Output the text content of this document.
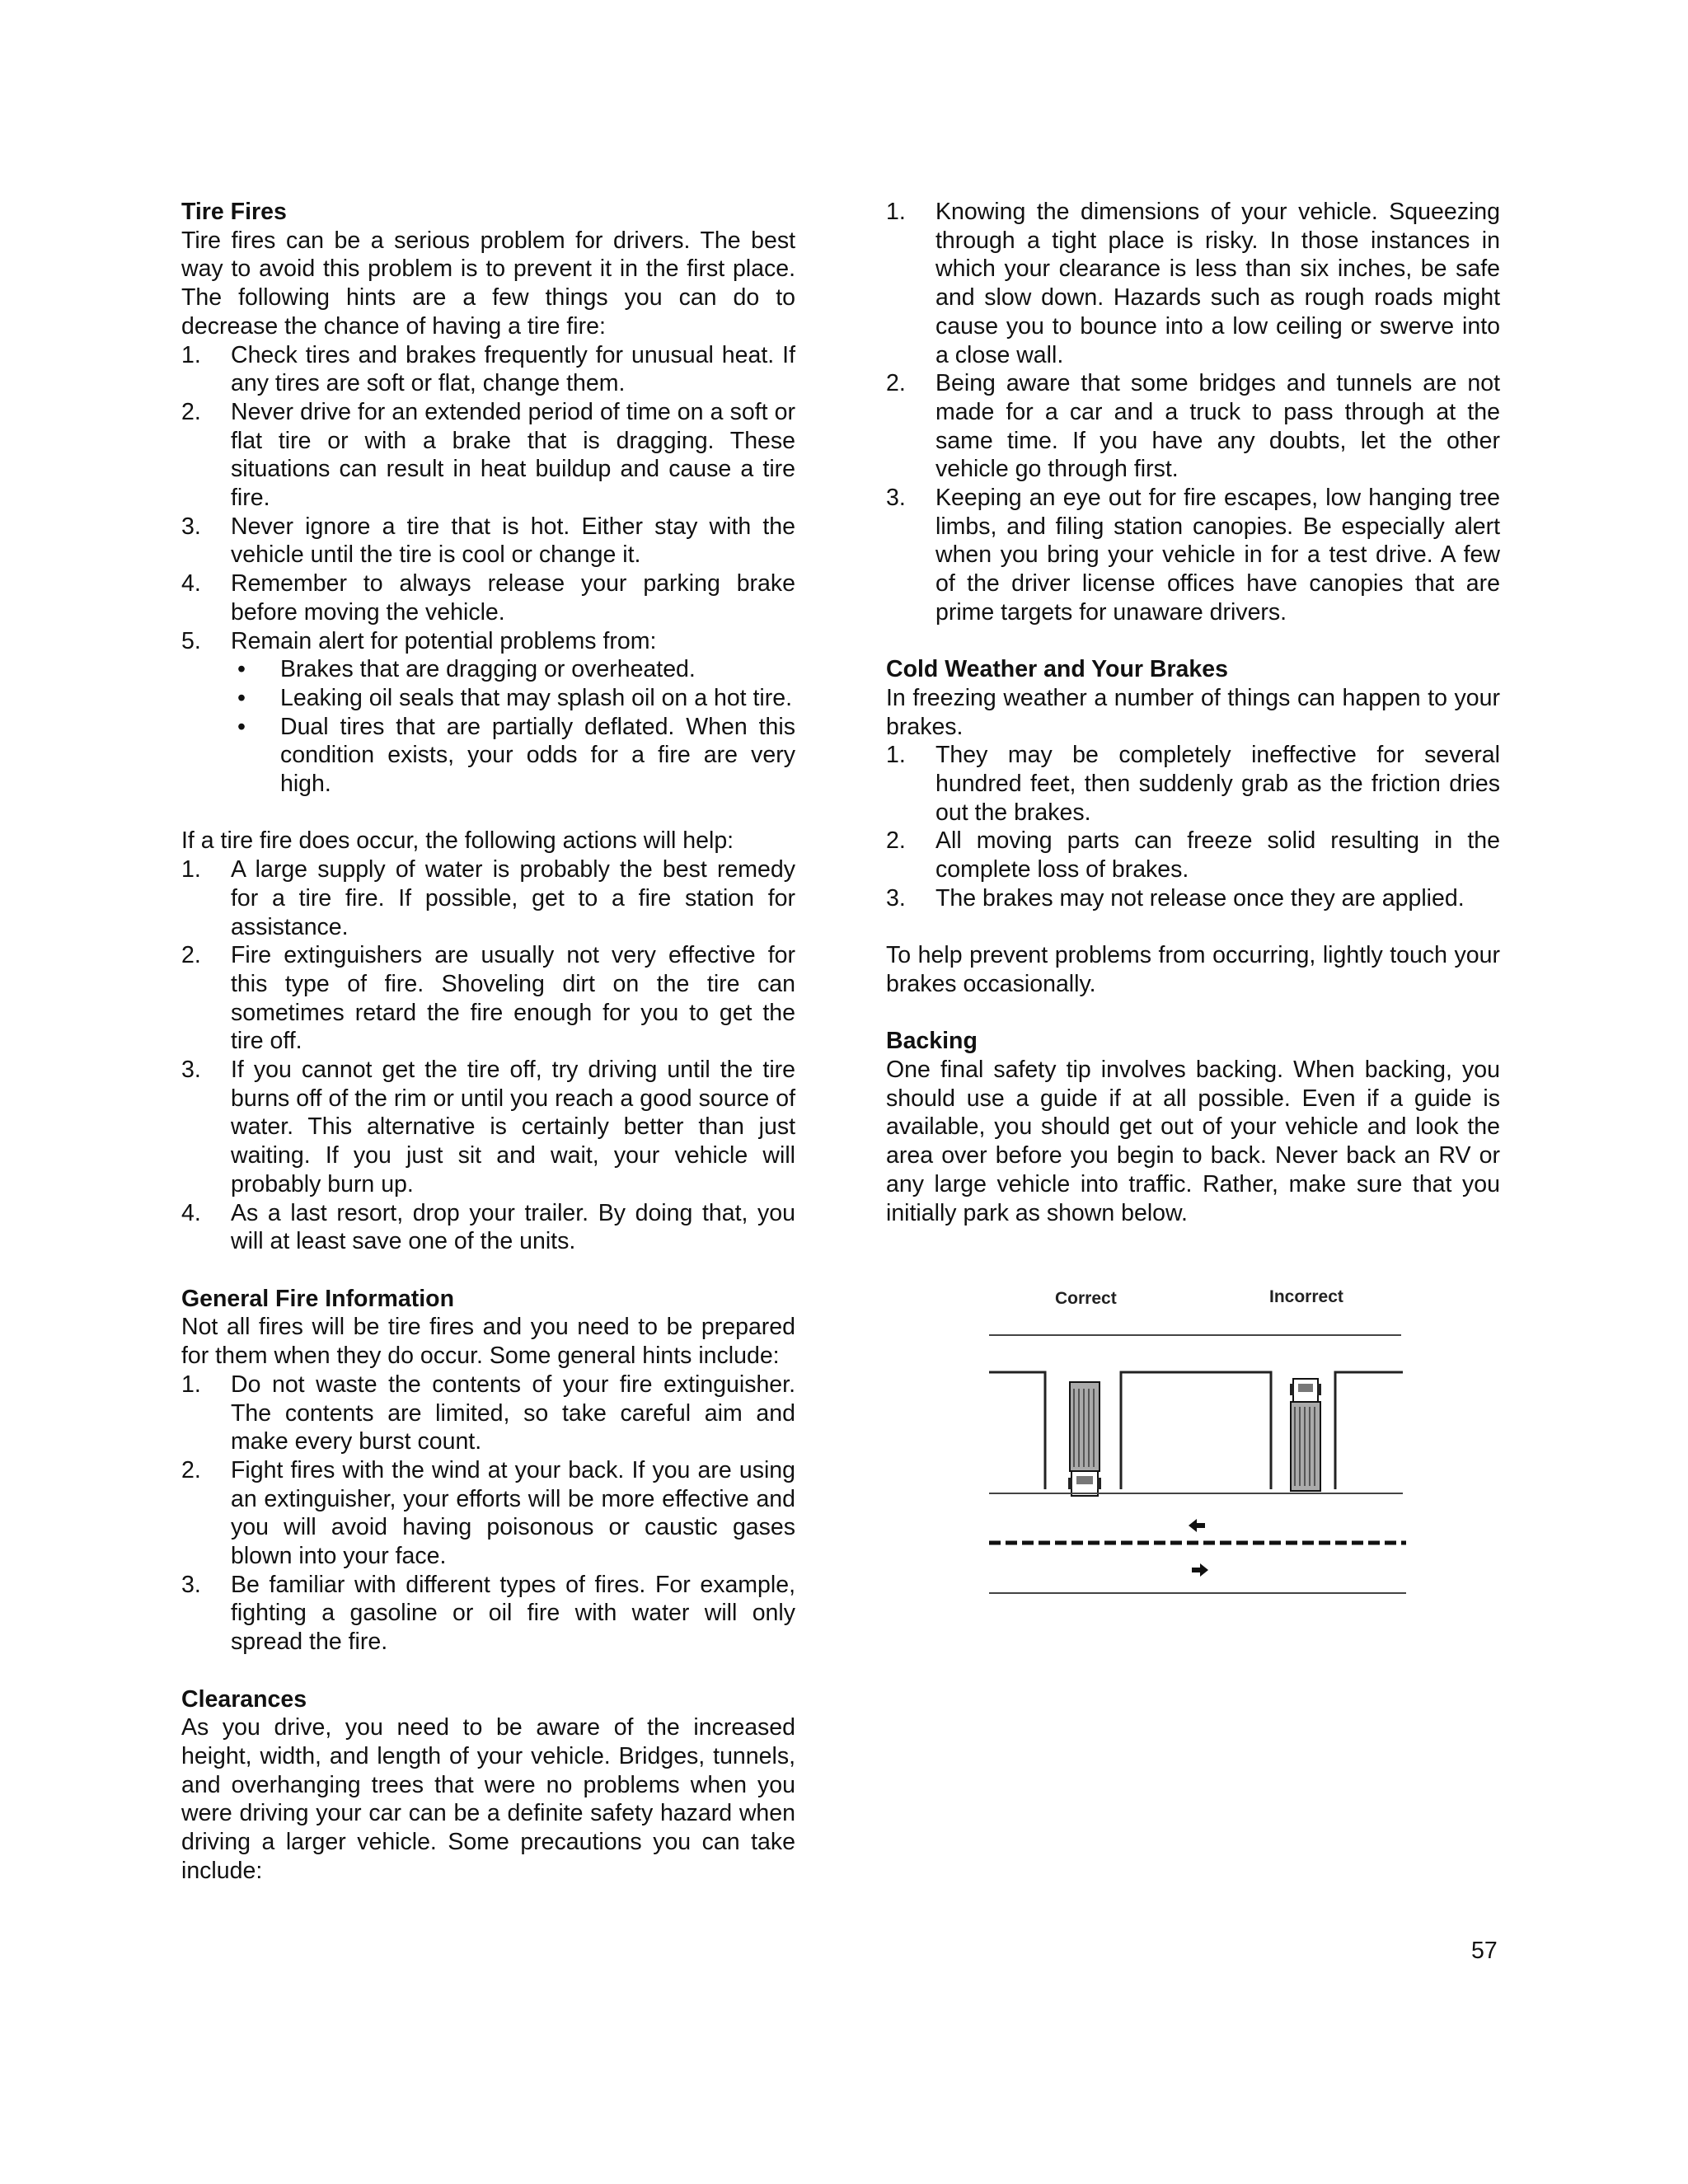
Tire Fires

Tire fires can be a serious problem for drivers. The best way to avoid this problem is to prevent it in the first place. The following hints are a few things you can do to decrease the chance of having a tire fire:

1. Check tires and brakes frequently for unusual heat. If any tires are soft or flat, change them.
2. Never drive for an extended period of time on a soft or flat tire or with a brake that is dragging. These situations can result in heat buildup and cause a tire fire.
3. Never ignore a tire that is hot. Either stay with the vehicle until the tire is cool or change it.
4. Remember to always release your parking brake before moving the vehicle.
5. Remain alert for potential problems from:
• Brakes that are dragging or overheated.
• Leaking oil seals that may splash oil on a hot tire.
• Dual tires that are partially deflated. When this condition exists, your odds for a fire are very high.

If a tire fire does occur, the following actions will help:

1. A large supply of water is probably the best remedy for a tire fire. If possible, get to a fire station for assistance.
2. Fire extinguishers are usually not very effective for this type of fire. Shoveling dirt on the tire can sometimes retard the fire enough for you to get the tire off.
3. If you cannot get the tire off, try driving until the tire burns off of the rim or until you reach a good source of water. This alternative is certainly better than just waiting. If you just sit and wait, your vehicle will probably burn up.
4. As a last resort, drop your trailer. By doing that, you will at least save one of the units.
General Fire Information

Not all fires will be tire fires and you need to be prepared for them when they do occur. Some general hints include:

1. Do not waste the contents of your fire extinguisher. The contents are limited, so take careful aim and make every burst count.
2. Fight fires with the wind at your back. If you are using an extinguisher, your efforts will be more effective and you will avoid having poisonous or caustic gases blown into your face.
3. Be familiar with different types of fires. For example, fighting a gasoline or oil fire with water will only spread the fire.
Clearances

As you drive, you need to be aware of the increased height, width, and length of your vehicle. Bridges, tunnels, and overhanging trees that were no problems when you were driving your car can be a definite safety hazard when driving a larger vehicle. Some precautions you can take include:

1. Knowing the dimensions of your vehicle. Squeezing through a tight place is risky. In those instances in which your clearance is less than six inches, be safe and slow down. Hazards such as rough roads might cause you to bounce into a low ceiling or swerve into a close wall.
2. Being aware that some bridges and tunnels are not made for a car and a truck to pass through at the same time. If you have any doubts, let the other vehicle go through first.
3. Keeping an eye out for fire escapes, low hanging tree limbs, and filing station canopies. Be especially alert when you bring your vehicle in for a test drive. A few of the driver license offices have canopies that are prime targets for unaware drivers.
Cold Weather and Your Brakes

In freezing weather a number of things can happen to your brakes.

1. They may be completely ineffective for several hundred feet, then suddenly grab as the friction dries out the brakes.
2. All moving parts can freeze solid resulting in the complete loss of brakes.
3. The brakes may not release once they are applied.

To help prevent problems from occurring, lightly touch your brakes occasionally.

Backing

One final safety tip involves backing. When backing, you should use a guide if at all possible. Even if a guide is available, you should get out of your vehicle and look the area over before you begin to back. Never back an RV or any large vehicle into traffic. Rather, make sure that you initially park as shown below.

Correct	Incorrect
57
